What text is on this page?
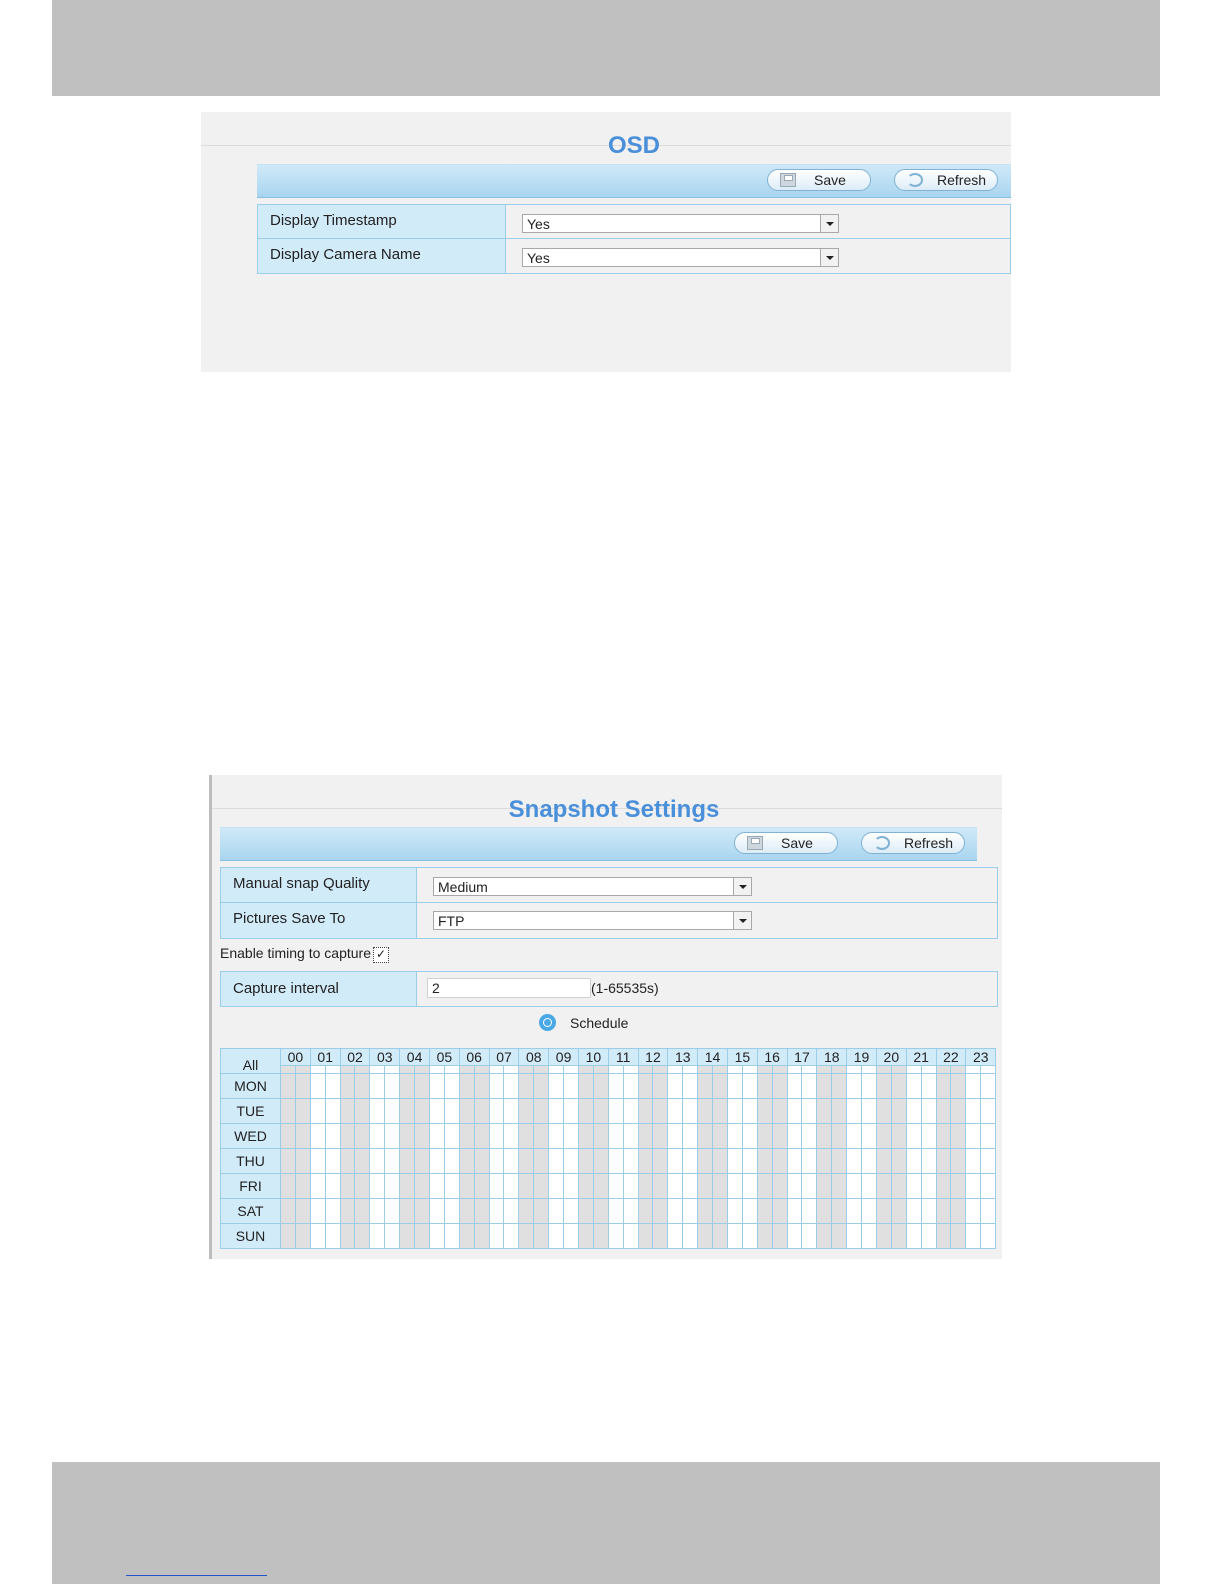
OSD
Save	Refresh
Display Timestamp	Yes
Display Camera Name	Yes
Snapshot Settings
Save	Refresh
Manual snap Quality	Medium
Pictures Save To	FTP
Enable timing to capture ✓
Capture interval	2	(1-65535s)
Schedule
All	00		01		02		03		04		05		06		07		08		09		10		11		12		13		14		15		16		17		18		19		20		21		22		23	

MON																																																
TUE																																																
WED																																																
THU																																																
FRI																																																
SAT																																																
SUN																																																
